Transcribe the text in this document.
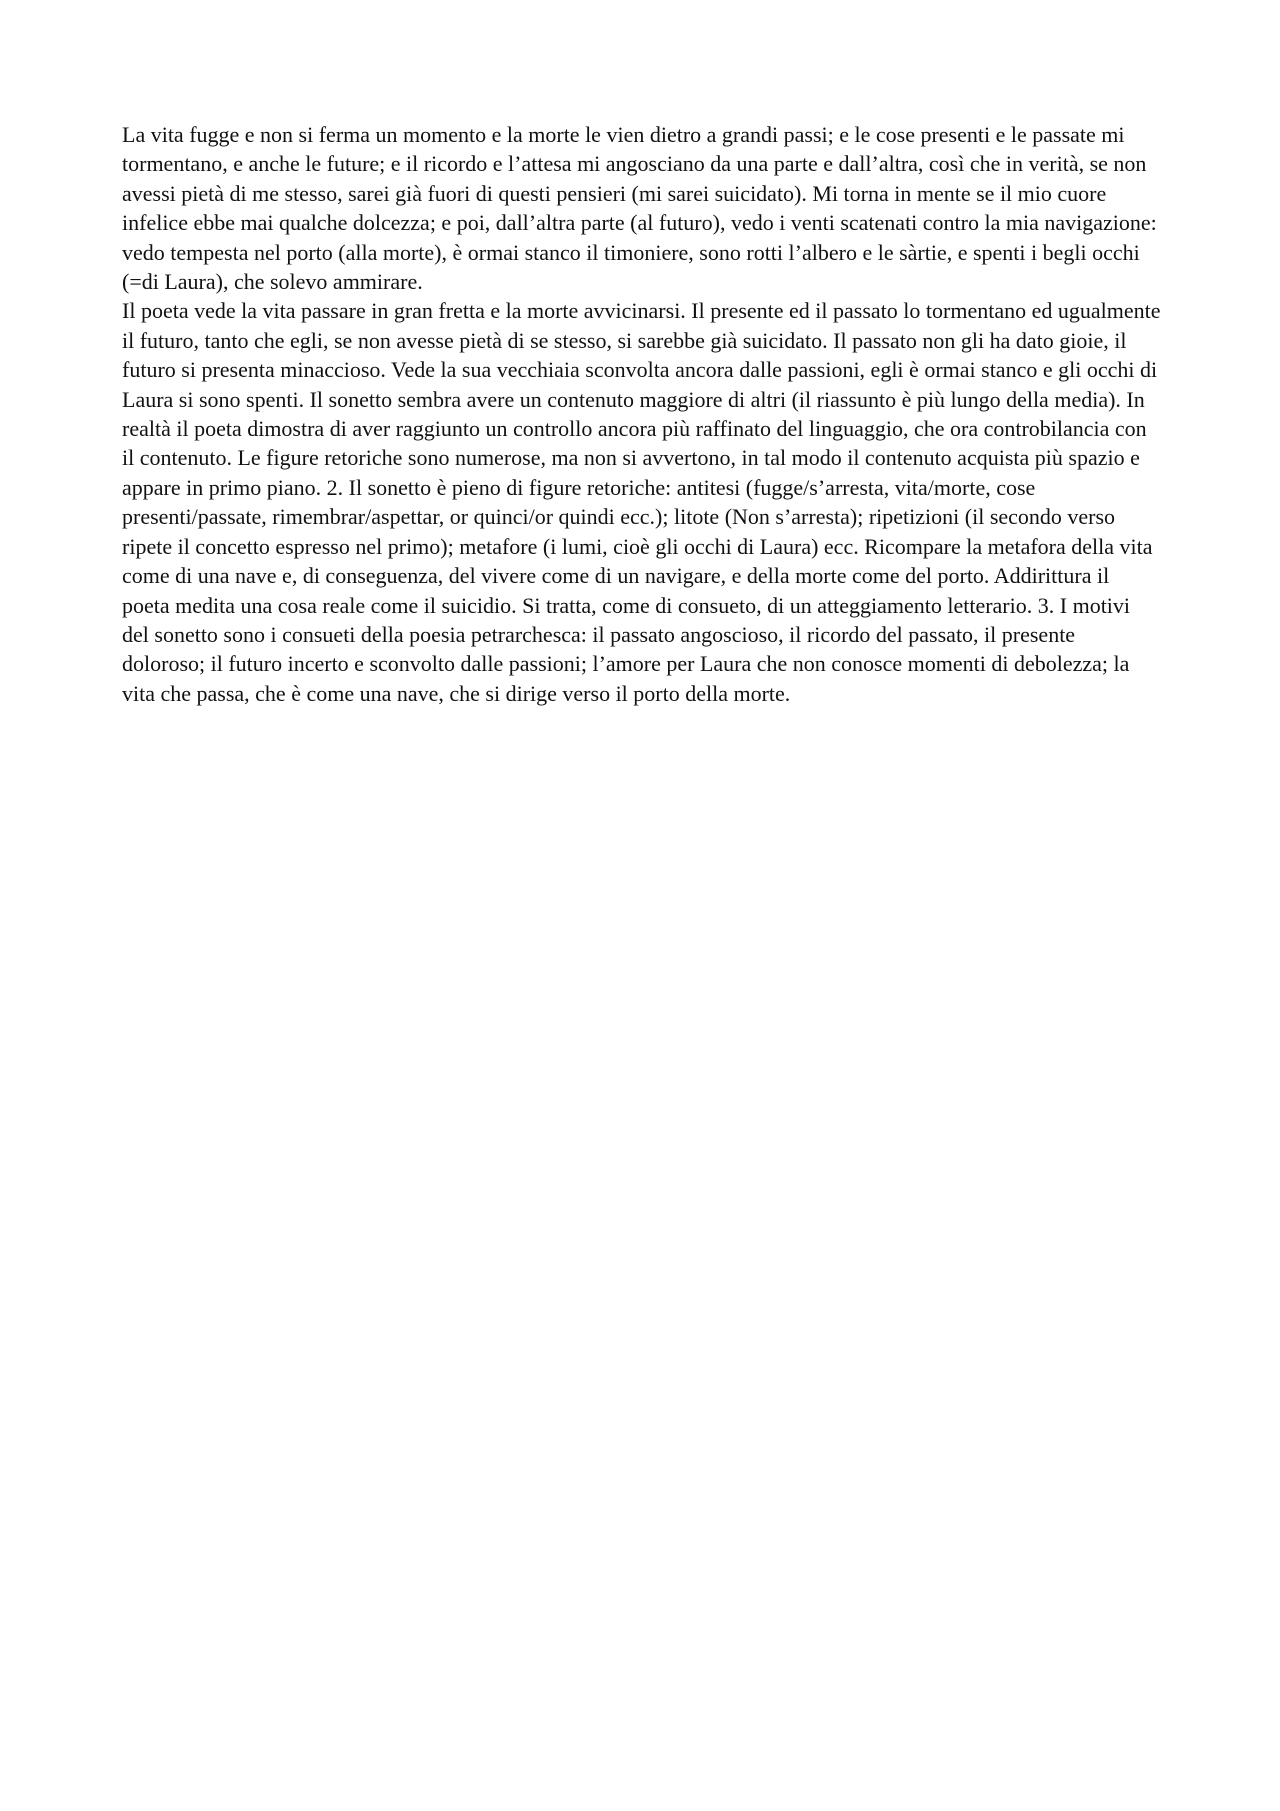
La vita fugge e non si ferma un momento e la morte le vien dietro a grandi passi; e le cose presenti e le passate mi tormentano, e anche le future; e il ricordo e l’attesa mi angosciano da una parte e dall’altra, così che in verità, se non avessi pietà di me stesso, sarei già fuori di questi pensieri (mi sarei suicidato). Mi torna in mente se il mio cuore infelice ebbe mai qualche dolcezza; e poi, dall’altra parte (al futuro), vedo i venti scatenati contro la mia navigazione: vedo tempesta nel porto (alla morte), è ormai stanco il timoniere, sono rotti l’albero e le sàrtie, e spenti i begli occhi (=di Laura), che solevo ammirare.

Il poeta vede la vita passare in gran fretta e la morte avvicinarsi. Il presente ed il passato lo tormentano ed ugualmente il futuro, tanto che egli, se non avesse pietà di se stesso, si sarebbe già suicidato. Il passato non gli ha dato gioie, il futuro si presenta minaccioso. Vede la sua vecchiaia sconvolta ancora dalle passioni, egli è ormai stanco e gli occhi di Laura si sono spenti. Il sonetto sembra avere un contenuto maggiore di altri (il riassunto è più lungo della media). In realtà il poeta dimostra di aver raggiunto un controllo ancora più raffinato del linguaggio, che ora controbilancia con il contenuto. Le figure retoriche sono numerose, ma non si avvertono, in tal modo il contenuto acquista più spazio e appare in primo piano. 2. Il sonetto è pieno di figure retoriche: antitesi (fugge/s’arresta, vita/morte, cose presenti/passate, rimembrar/aspettar, or quinci/or quindi ecc.); litote (Non s’arresta); ripetizioni (il secondo verso ripete il concetto espresso nel primo); metafore (i lumi, cioè gli occhi di Laura) ecc. Ricompare la metafora della vita come di una nave e, di conseguenza, del vivere come di un navigare, e della morte come del porto. Addirittura il poeta medita una cosa reale come il suicidio. Si tratta, come di consueto, di un atteggiamento letterario. 3. I motivi del sonetto sono i consueti della poesia petrarchesca: il passato angoscioso, il ricordo del passato, il presente doloroso; il futuro incerto e sconvolto dalle passioni; l’amore per Laura che non conosce momenti di debolezza; la vita che passa, che è come una nave, che si dirige verso il porto della morte.
